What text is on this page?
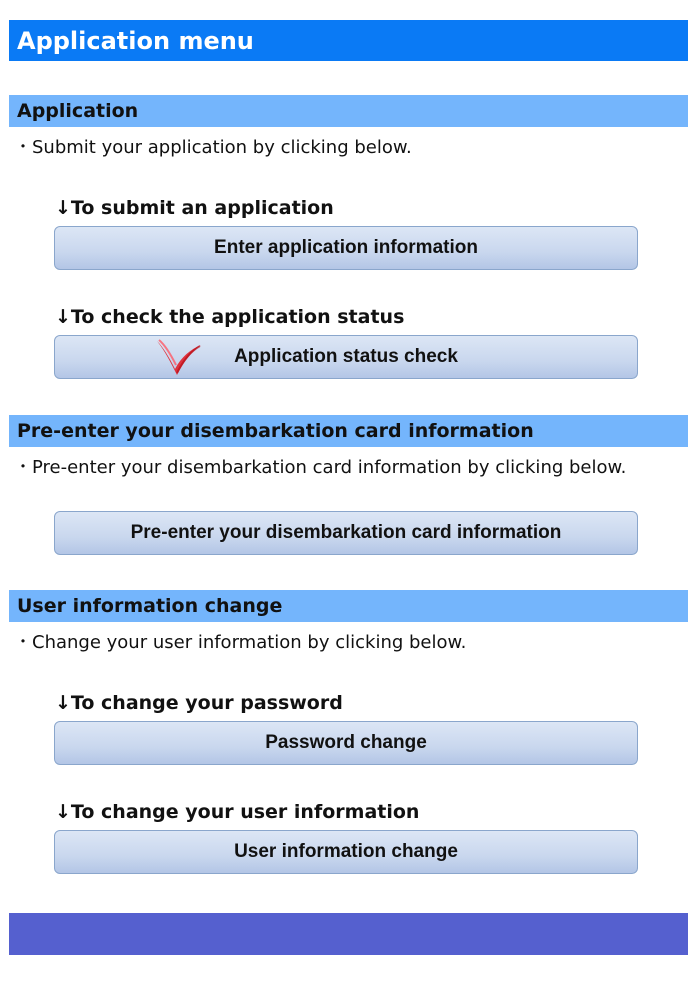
Application menu
Application
・Submit your application by clicking below.
↓To submit an application
Enter application information
↓To check the application status
Application status check
Pre-enter your disembarkation card information
・Pre-enter your disembarkation card information by clicking below.
Pre-enter your disembarkation card information
User information change
・Change your user information by clicking below.
↓To change your password
Password change
↓To change your user information
User information change
